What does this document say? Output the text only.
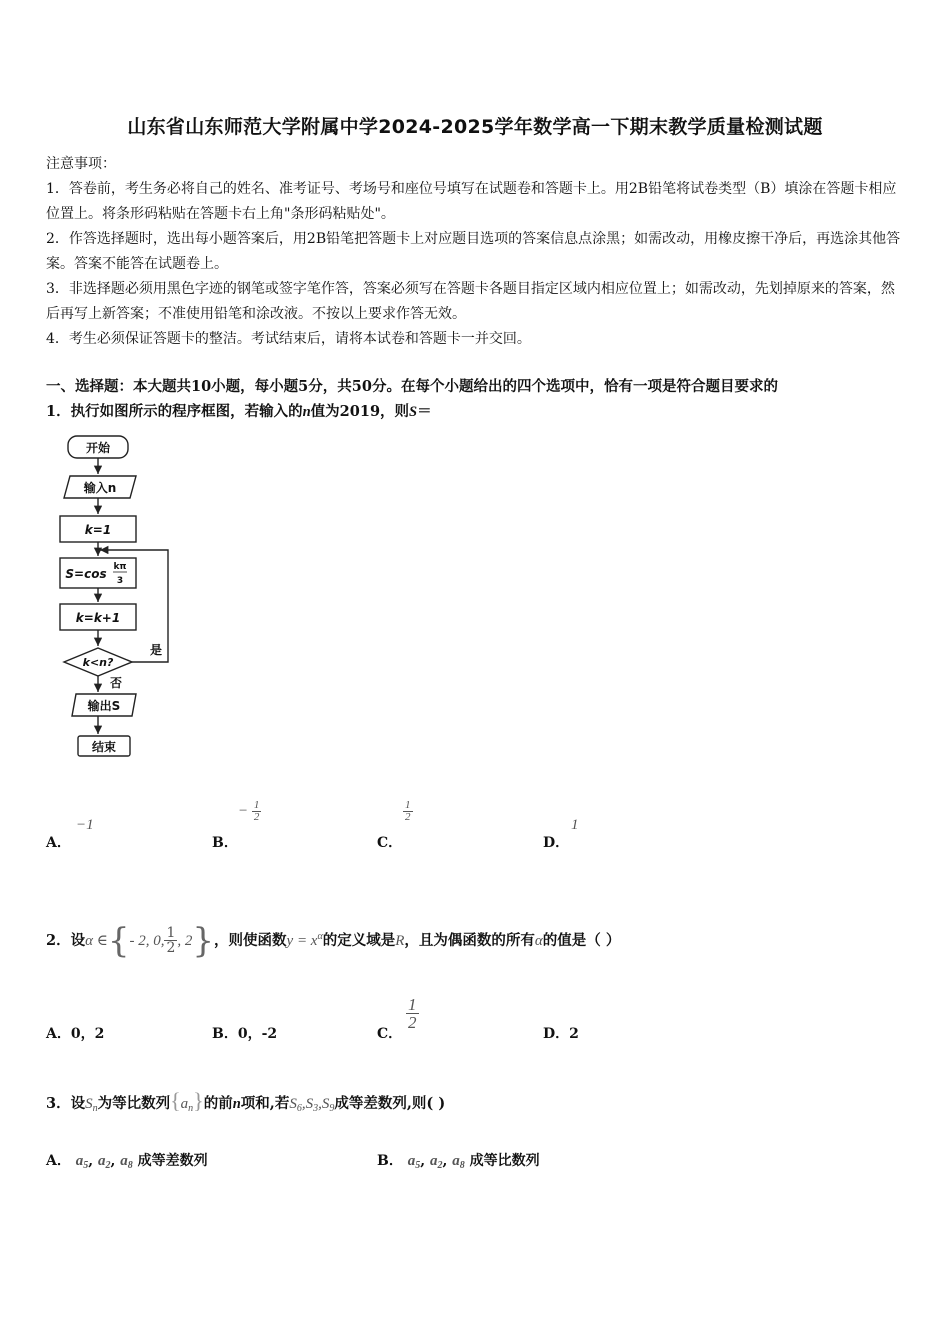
山东省山东师范大学附属中学2024-2025学年数学高一下期末教学质量检测试题

注意事项：

1．答卷前，考生务必将自己的姓名、准考证号、考场号和座位号填写在试题卷和答题卡上。用2B铅笔将试卷类型（B）填涂在答题卡相应位置上。将条形码粘贴在答题卡右上角"条形码粘贴处"。

2．作答选择题时，选出每小题答案后，用2B铅笔把答题卡上对应题目选项的答案信息点涂黑；如需改动，用橡皮擦干净后，再选涂其他答案。答案不能答在试题卷上。

3．非选择题必须用黑色字迹的钢笔或签字笔作答，答案必须写在答题卡各题目指定区域内相应位置上；如需改动，先划掉原来的答案，然后再写上新答案；不准使用铅笔和涂改液。不按以上要求作答无效。

4．考生必须保证答题卡的整洁。考试结束后，请将本试卷和答题卡一并交回。

一、选择题：本大题共10小题，每小题5分，共50分。在每个小题给出的四个选项中，恰有一项是符合题目要求的
1．执行如图所示的程序框图，若输入的n值为2019，则S＝
开始
输入n
k=1
S=cos kπ
3
k=k+1
k<n?
是
否
输出S
结束
A．
−1
B．
− $\frac{1}{2}$
C．
$\frac{1}{2}$
D．
1
2．设α ∈{- 2, 0, $\frac{1}{2}$ , 2}，则使函数$y = x^\alpha$的定义域是R，且为偶函数的所有α的值是（ ）
A．0，2	B．0，-2	C．
$\frac{1}{2}$
D．2
3．设$S_n$为等比数列$\{a_n\}$的前n项和,若$S_6,S_3,S_9$成等差数列,则( )
A． $a_5$, $a_2$, $a_8$ 成等差数列	B． $a_5$, $a_2$, $a_8$ 成等比数列
